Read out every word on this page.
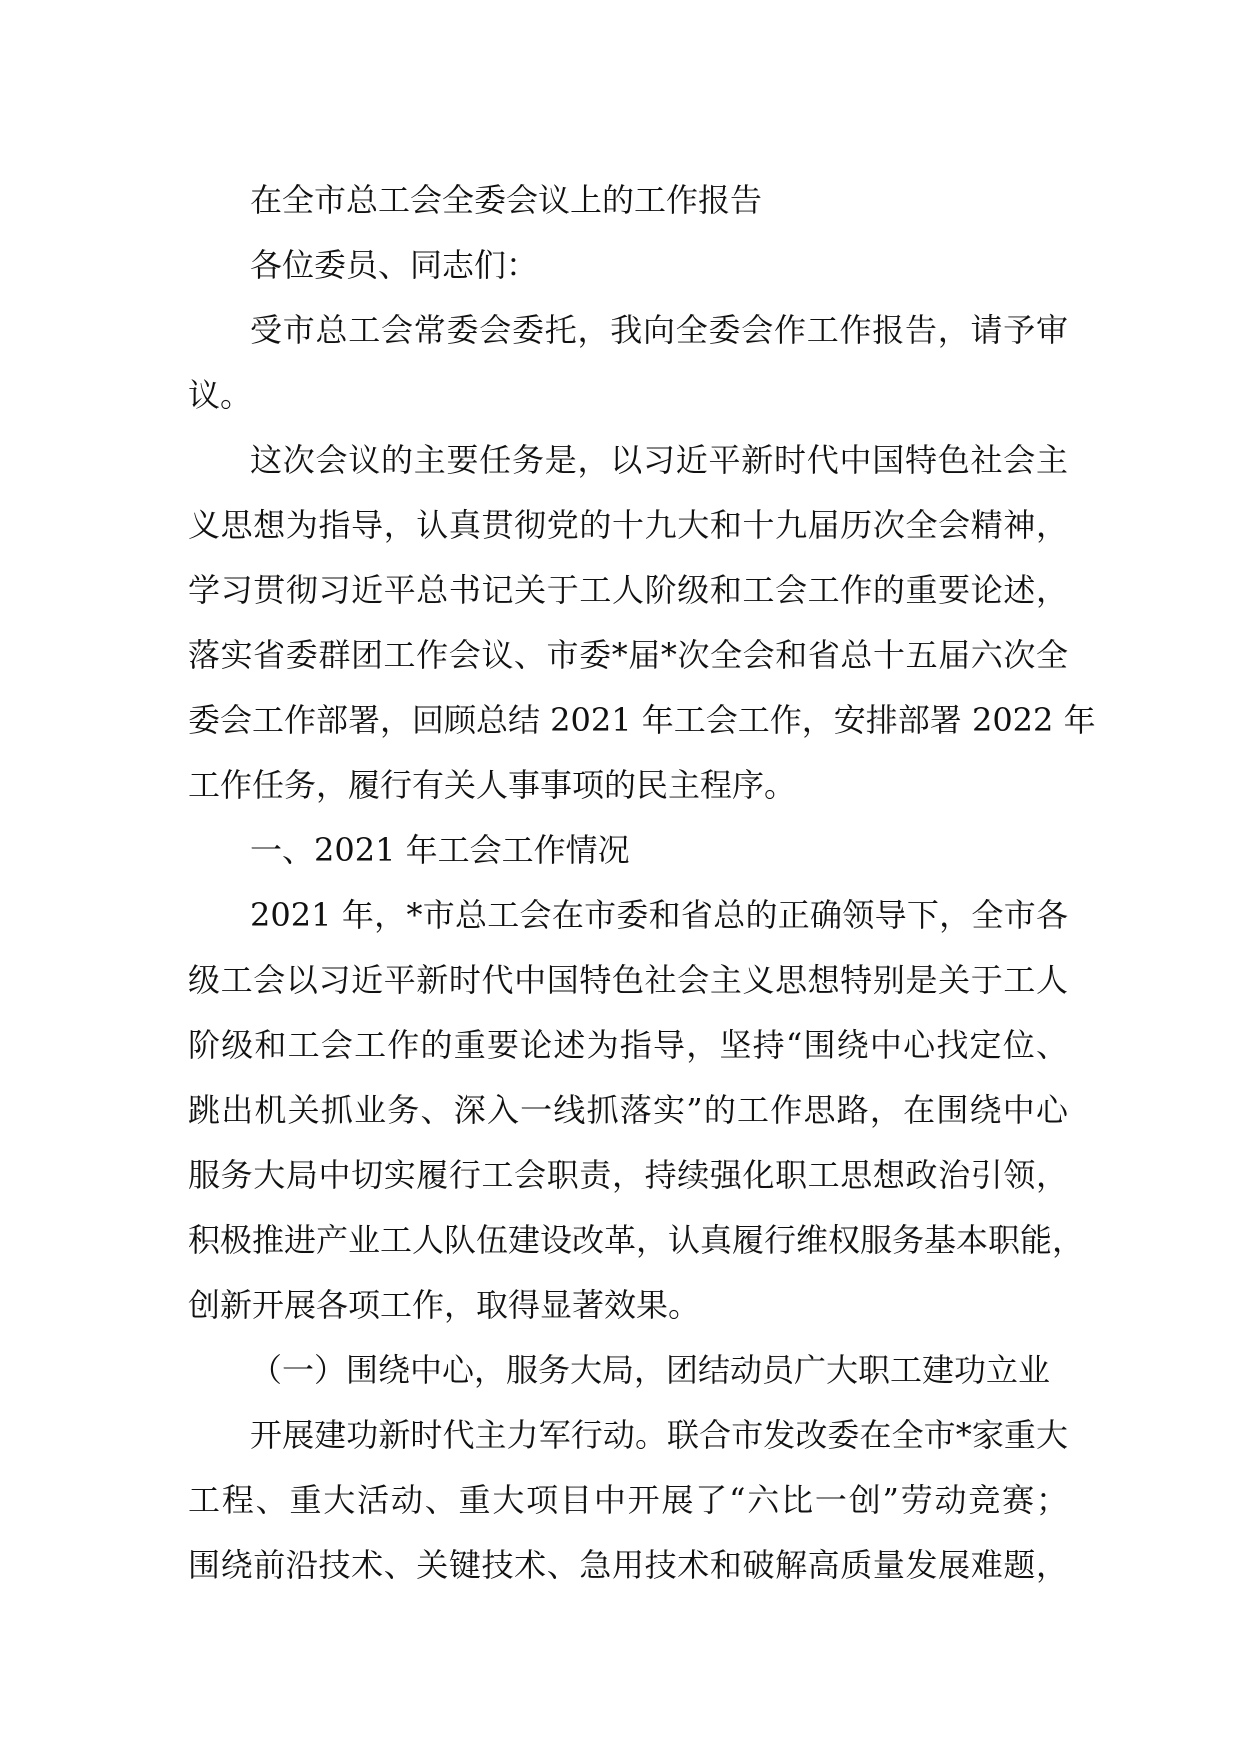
在全市总工会全委会议上的工作报告
各位委员、同志们：
受市总工会常委会委托，我向全委会作工作报告，请予审
议。
这次会议的主要任务是，以习近平新时代中国特色社会主
义思想为指导，认真贯彻党的十九大和十九届历次全会精神，
学习贯彻习近平总书记关于工人阶级和工会工作的重要论述，
落实省委群团工作会议、市委*届*次全会和省总十五届六次全
委会工作部署，回顾总结 2021 年工会工作，安排部署 2022 年
工作任务，履行有关人事事项的民主程序。
一、2021 年工会工作情况
2021 年，*市总工会在市委和省总的正确领导下，全市各
级工会以习近平新时代中国特色社会主义思想特别是关于工人
阶级和工会工作的重要论述为指导，坚持“围绕中心找定位、
跳出机关抓业务、深入一线抓落实”的工作思路，在围绕中心
服务大局中切实履行工会职责，持续强化职工思想政治引领，
积极推进产业工人队伍建设改革，认真履行维权服务基本职能，
创新开展各项工作，取得显著效果。
（一）围绕中心，服务大局，团结动员广大职工建功立业
开展建功新时代主力军行动。联合市发改委在全市*家重大
工程、重大活动、重大项目中开展了“六比一创”劳动竞赛；
围绕前沿技术、关键技术、急用技术和破解高质量发展难题，
